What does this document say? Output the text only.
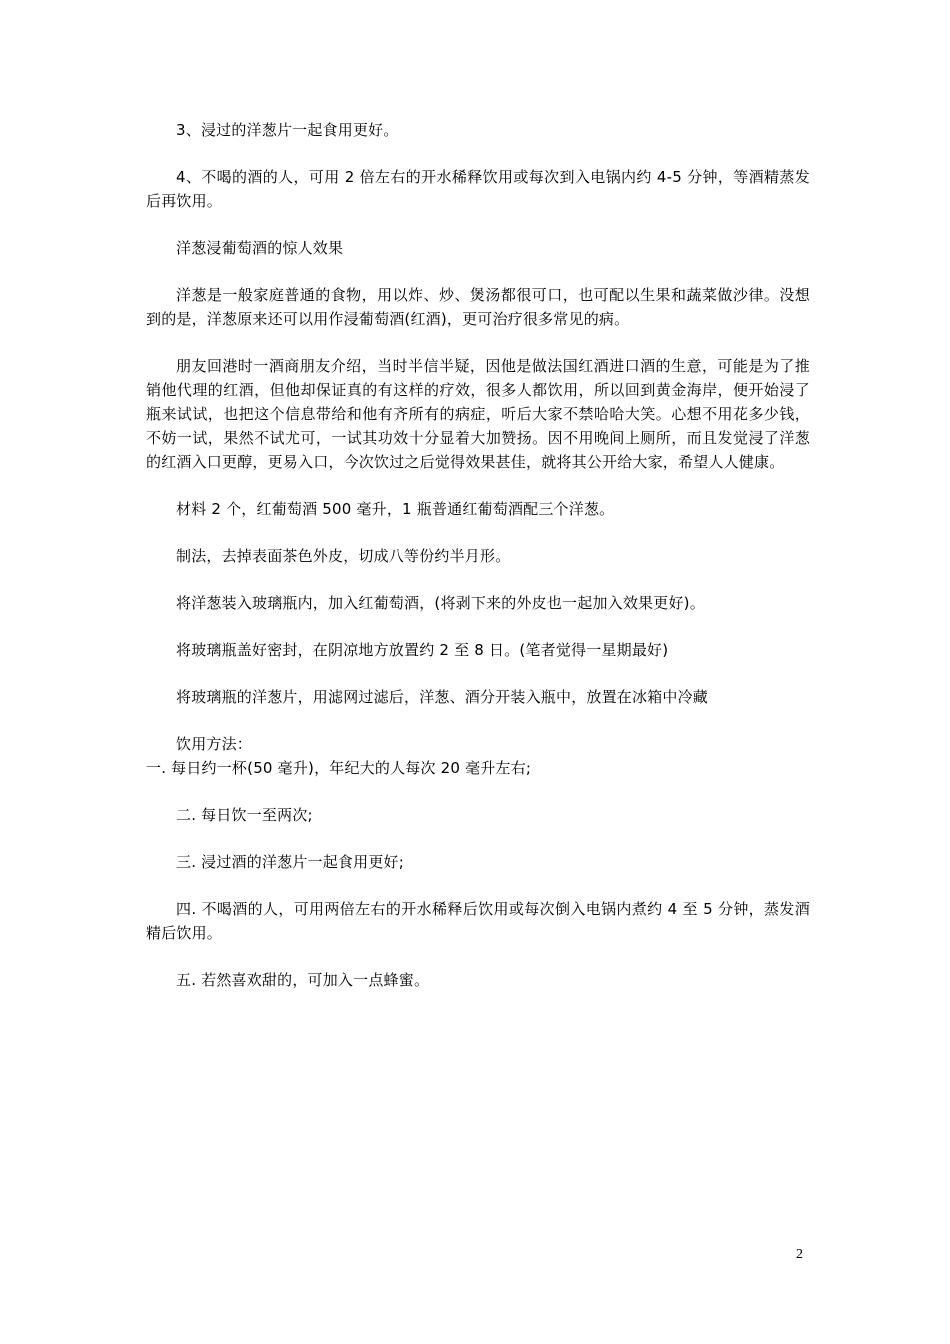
3、浸过的洋葱片一起食用更好。

4、不喝的酒的人，可用 2 倍左右的开水稀释饮用或每次到入电锅内约 4-5 分钟，等酒精蒸发后再饮用。

洋葱浸葡萄酒的惊人效果

洋葱是一般家庭普通的食物，用以炸、炒、煲汤都很可口，也可配以生果和蔬菜做沙律。没想到的是，洋葱原来还可以用作浸葡萄酒(红酒)，更可治疗很多常见的病。

朋友回港时一酒商朋友介绍，当时半信半疑，因他是做法国红酒进口酒的生意，可能是为了推销他代理的红酒，但他却保证真的有这样的疗效，很多人都饮用，所以回到黄金海岸，便开始浸了瓶来试试，也把这个信息带给和他有齐所有的病症，听后大家不禁哈哈大笑。心想不用花多少钱，不妨一试，果然不试尤可，一试其功效十分显着大加赞扬。因不用晚间上厕所，而且发觉浸了洋葱的红酒入口更醇，更易入口，今次饮过之后觉得效果甚佳，就将其公开给大家，希望人人健康。

材料 2 个，红葡萄酒 500 毫升，1 瓶普通红葡萄酒配三个洋葱。

制法，去掉表面茶色外皮，切成八等份约半月形。

将洋葱装入玻璃瓶内，加入红葡萄酒，(将剥下来的外皮也一起加入效果更好)。

将玻璃瓶盖好密封，在阴凉地方放置约 2 至 8 日。(笔者觉得一星期最好)

将玻璃瓶的洋葱片，用滤网过滤后，洋葱、酒分开装入瓶中，放置在冰箱中冷藏

饮用方法：

一. 每日约一杯(50 毫升)，年纪大的人每次 20 毫升左右;

二. 每日饮一至两次;

三. 浸过酒的洋葱片一起食用更好;

四. 不喝酒的人，可用两倍左右的开水稀释后饮用或每次倒入电锅内煮约 4 至 5 分钟，蒸发酒精后饮用。

五. 若然喜欢甜的，可加入一点蜂蜜。

2
